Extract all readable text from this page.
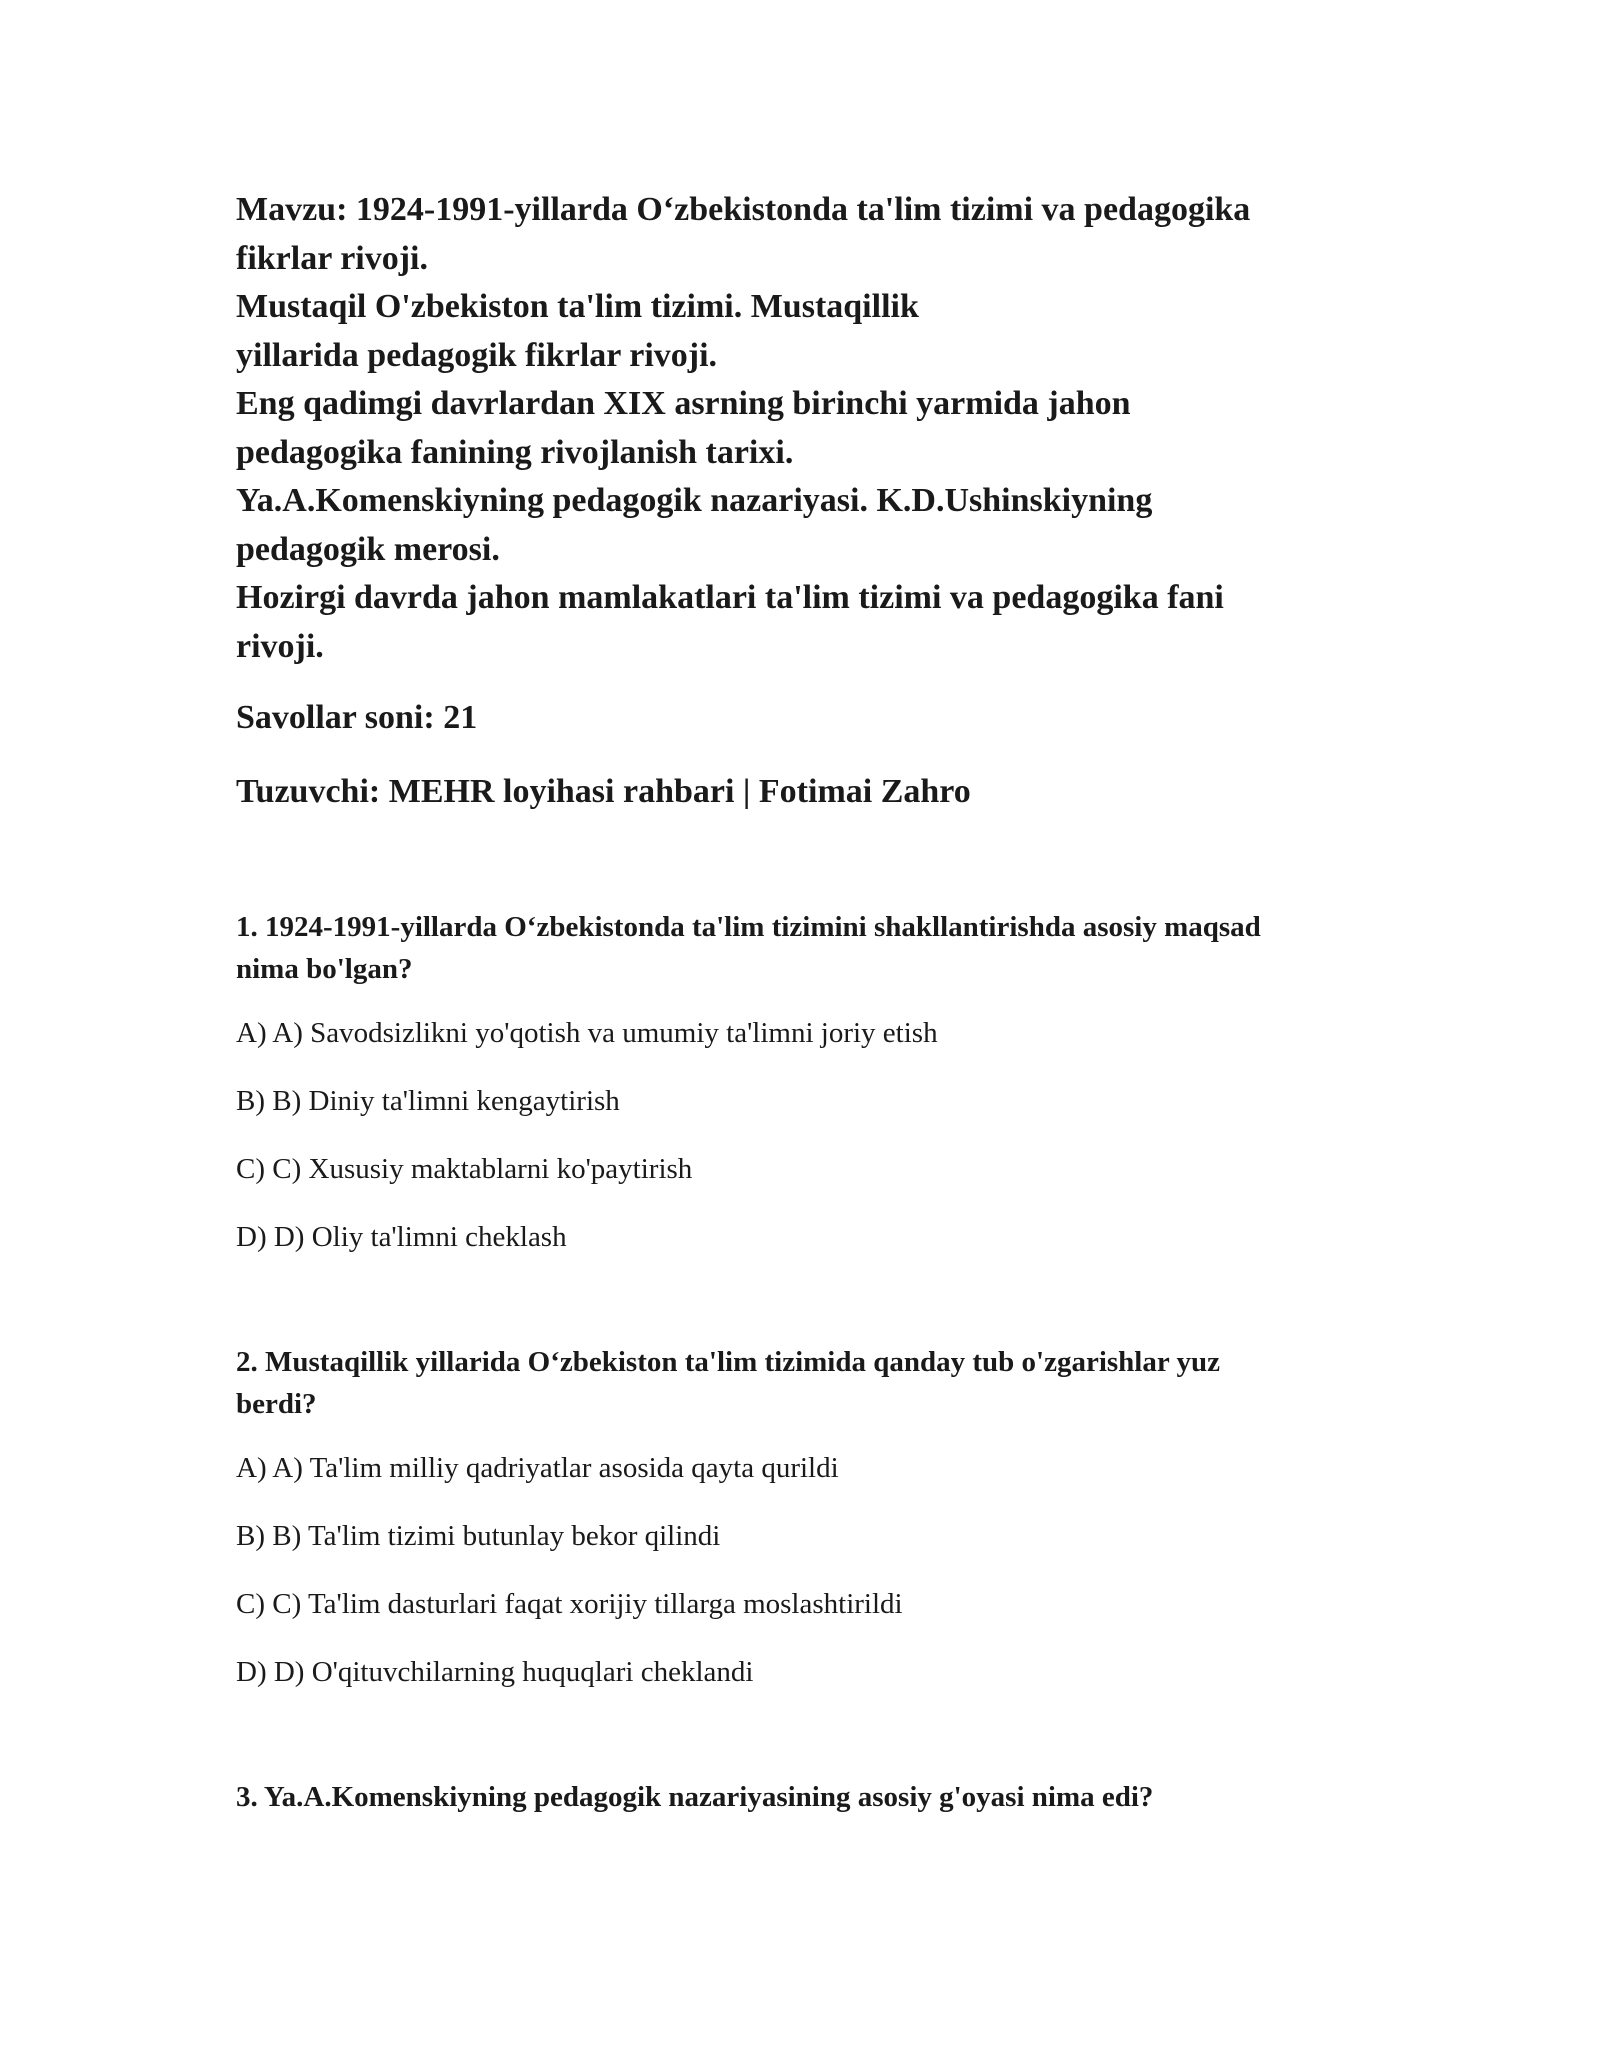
Mavzu: 1924-1991-yillarda O‘zbekistonda ta'lim tizimi va pedagogika
fikrlar rivoji.
Mustaqil O'zbekiston ta'lim tizimi. Mustaqillik
yillarida pedagogik fikrlar rivoji.
Eng qadimgi davrlardan XIX asrning birinchi yarmida jahon
pedagogika fanining rivojlanish tarixi.
Ya.A.Komenskiyning pedagogik nazariyasi. K.D.Ushinskiyning
pedagogik merosi.
Hozirgi davrda jahon mamlakatlari ta'lim tizimi va pedagogika fani
rivoji.

Savollar soni: 21

Tuzuvchi: MEHR loyihasi rahbari | Fotimai Zahro

1. 1924-1991-yillarda O‘zbekistonda ta'lim tizimini shakllantirishda asosiy maqsad
nima bo'lgan?

A) A) Savodsizlikni yo'qotish va umumiy ta'limni joriy etish
B) B) Diniy ta'limni kengaytirish
C) C) Xususiy maktablarni ko'paytirish
D) D) Oliy ta'limni cheklash

2. Mustaqillik yillarida O‘zbekiston ta'lim tizimida qanday tub o'zgarishlar yuz
berdi?

A) A) Ta'lim milliy qadriyatlar asosida qayta qurildi
B) B) Ta'lim tizimi butunlay bekor qilindi
C) C) Ta'lim dasturlari faqat xorijiy tillarga moslashtirildi
D) D) O'qituvchilarning huquqlari cheklandi

3. Ya.A.Komenskiyning pedagogik nazariyasining asosiy g'oyasi nima edi?
